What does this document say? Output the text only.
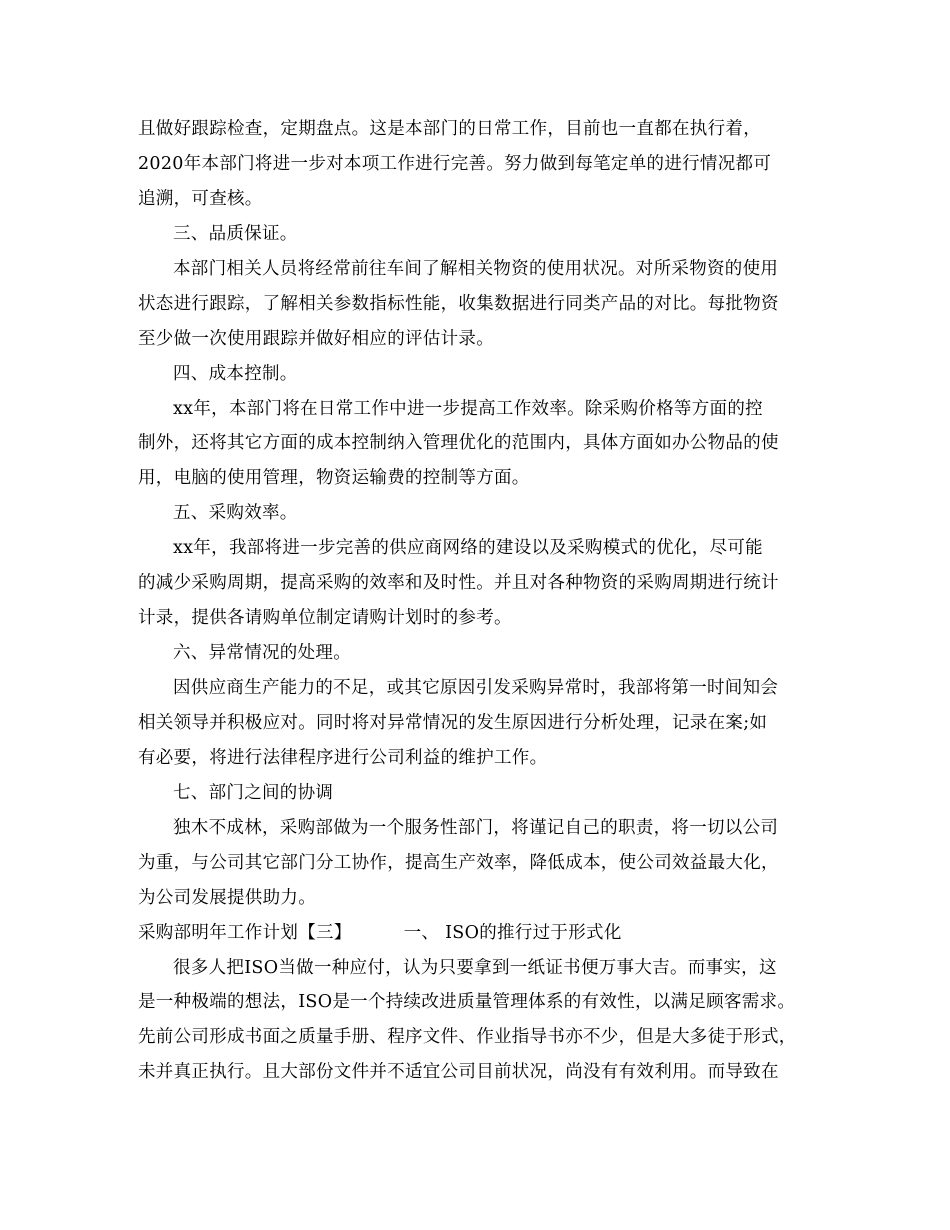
且做好跟踪检查，定期盘点。这是本部门的日常工作，目前也一直都在执行着，
2020年本部门将进一步对本项工作进行完善。努力做到每笔定单的进行情况都可
追溯，可查核。
三、品质保证。
本部门相关人员将经常前往车间了解相关物资的使用状况。对所采物资的使用
状态进行跟踪，了解相关参数指标性能，收集数据进行同类产品的对比。每批物资
至少做一次使用跟踪并做好相应的评估计录。
四、成本控制。
xx年，本部门将在日常工作中进一步提高工作效率。除采购价格等方面的控
制外，还将其它方面的成本控制纳入管理优化的范围内，具体方面如办公物品的使
用，电脑的使用管理，物资运输费的控制等方面。
五、采购效率。
xx年，我部将进一步完善的供应商网络的建设以及采购模式的优化，尽可能
的减少采购周期，提高采购的效率和及时性。并且对各种物资的采购周期进行统计
计录，提供各请购单位制定请购计划时的参考。
六、异常情况的处理。
因供应商生产能力的不足，或其它原因引发采购异常时，我部将第一时间知会
相关领导并积极应对。同时将对异常情况的发生原因进行分析处理，记录在案;如
有必要，将进行法律程序进行公司利益的维护工作。
七、部门之间的协调
独木不成林，采购部做为一个服务性部门，将谨记自己的职责，将一切以公司
为重，与公司其它部门分工协作，提高生产效率，降低成本，使公司效益最大化，
为公司发展提供助力。
采购部明年工作计划【三】	一、 ISO的推行过于形式化
很多人把ISO当做一种应付，认为只要拿到一纸证书便万事大吉。而事实，这
是一种极端的想法，ISO是一个持续改进质量管理体系的有效性，以满足顾客需求。
先前公司形成书面之质量手册、程序文件、作业指导书亦不少，但是大多徒于形式，
未并真正执行。且大部份文件并不适宜公司目前状况，尚没有有效利用。而导致在
